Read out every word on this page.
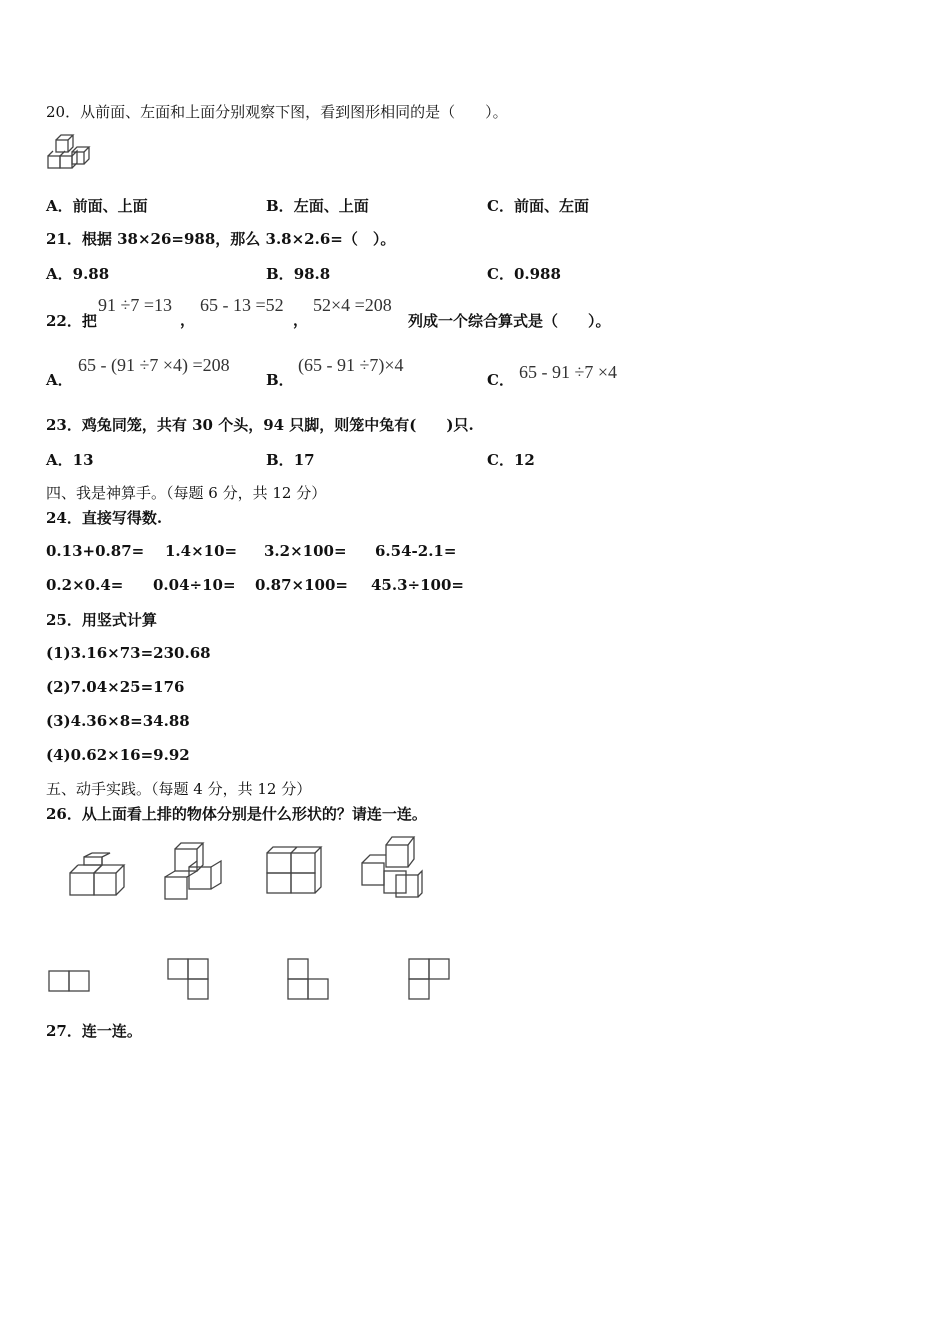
20．从前面、左面和上面分别观察下图，看到图形相同的是（　　）。
A．前面、上面	B．左面、上面	C．前面、左面
21．根据 38×26=988，那么 3.8×2.6=（　）。
A．9.88	B．98.8	C．0.988
22．把
91 ÷7 =13
，
65 - 13 =52
，
52×4 =208
列成一个综合算式是（　　）。
A．
65 - (91 ÷7 ×4) =208
B．
(65 - 91 ÷7)×4
C． 65 - 91 ÷7 ×4
23．鸡兔同笼，共有 30 个头，94 只脚，则笼中兔有(　　)只.
A．13	B．17	C．12
四、我是神算手。（每题 6 分，共 12 分）
24．直接写得数.
0.13+0.87= 1.4×10= 3.2×100= 6.54-2.1=
0.2×0.4= 0.04÷10= 0.87×100= 45.3÷100=
25．用竖式计算
(1)3.16×73=230.68
(2)7.04×25=176
(3)4.36×8=34.88
(4)0.62×16=9.92
五、动手实践。（每题 4 分，共 12 分）
26．从上面看上排的物体分别是什么形状的？请连一连。
27．连一连。
